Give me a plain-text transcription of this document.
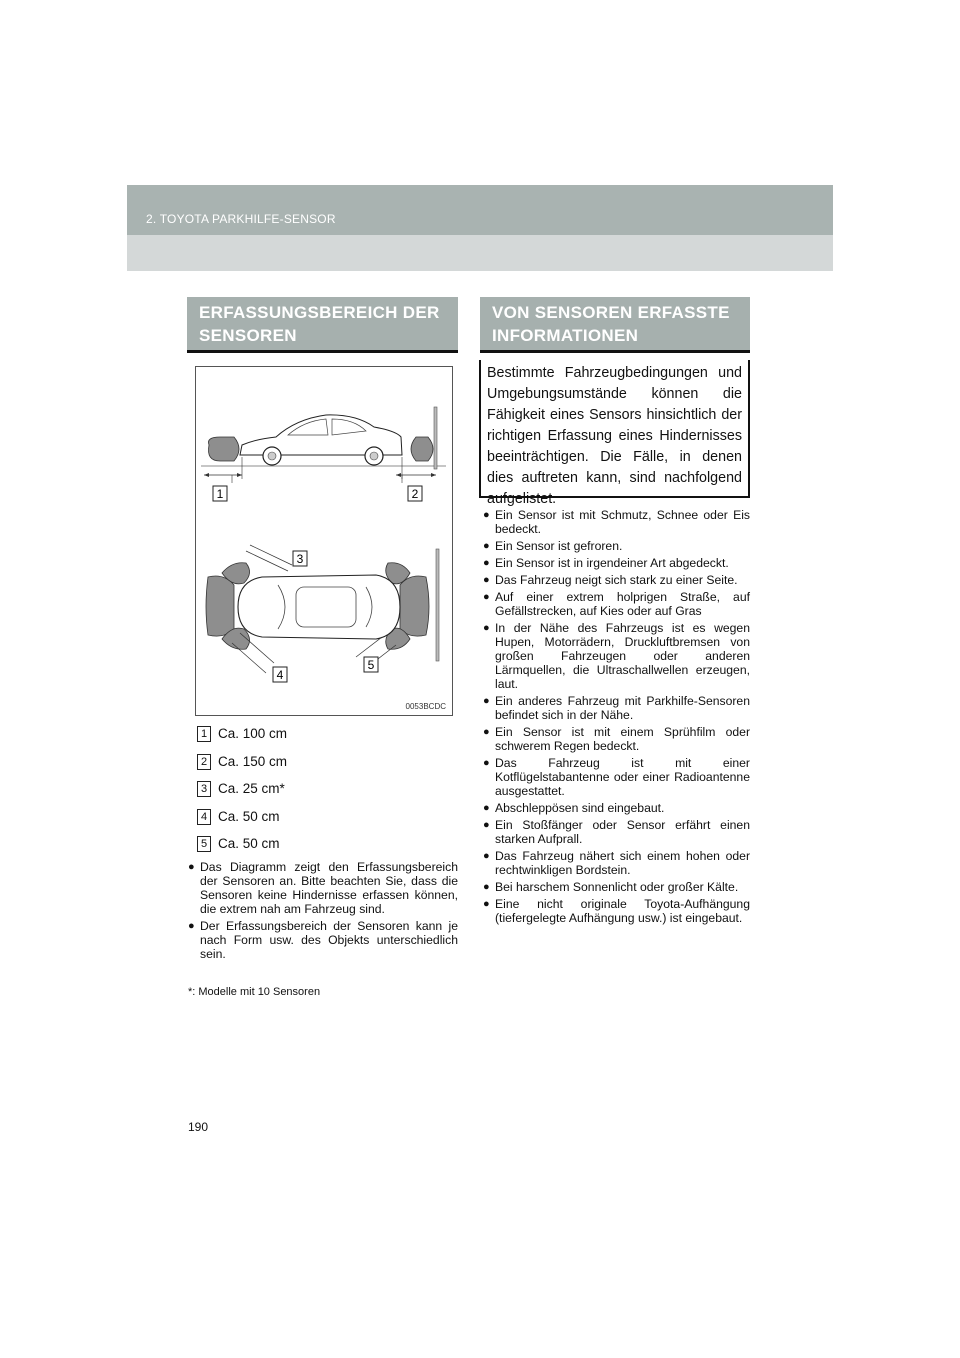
2. TOYOTA PARKHILFE-SENSOR
ERFASSUNGSBEREICH DER SENSOREN
VON SENSOREN ERFASSTE INFORMATIONEN
1	2
3
4
5
0053BCDC
1 Ca. 100 cm
2 Ca. 150 cm
3 Ca. 25 cm*
4 Ca. 50 cm
5 Ca. 50 cm
● Das Diagramm zeigt den Erfassungsbereich der Sensoren an. Bitte beachten Sie, dass die Sensoren keine Hindernisse erfassen können, die extrem nah am Fahrzeug sind.
● Der Erfassungsbereich der Sensoren kann je nach Form usw. des Objekts unterschiedlich sein.
*: Modelle mit 10 Sensoren
Bestimmte Fahrzeugbedingungen und Umgebungsumstände können die Fähigkeit eines Sensors hinsichtlich der richtigen Erfassung eines Hindernisses beeinträchtigen. Die Fälle, in denen dies auftreten kann, sind nachfolgend aufgelistet.
● Ein Sensor ist mit Schmutz, Schnee oder Eis bedeckt.
● Ein Sensor ist gefroren.
● Ein Sensor ist in irgendeiner Art abgedeckt.
● Das Fahrzeug neigt sich stark zu einer Seite.
● Auf einer extrem holprigen Straße, auf Gefällstrecken, auf Kies oder auf Gras
● In der Nähe des Fahrzeugs ist es wegen Hupen, Motorrädern, Druckluftbremsen von großen Fahrzeugen oder anderen Lärmquellen, die Ultraschallwellen erzeugen, laut.
● Ein anderes Fahrzeug mit Parkhilfe-Sensoren befindet sich in der Nähe.
● Ein Sensor ist mit einem Sprühfilm oder schwerem Regen bedeckt.
● Das Fahrzeug ist mit einer Kotflügelstabantenne oder einer Radioantenne ausgestattet.
● Abschleppösen sind eingebaut.
● Ein Stoßfänger oder Sensor erfährt einen starken Aufprall.
● Das Fahrzeug nähert sich einem hohen oder rechtwinkligen Bordstein.
● Bei harschem Sonnenlicht oder großer Kälte.
● Eine nicht originale Toyota-Aufhängung (tiefergelegte Aufhängung usw.) ist eingebaut.
190
